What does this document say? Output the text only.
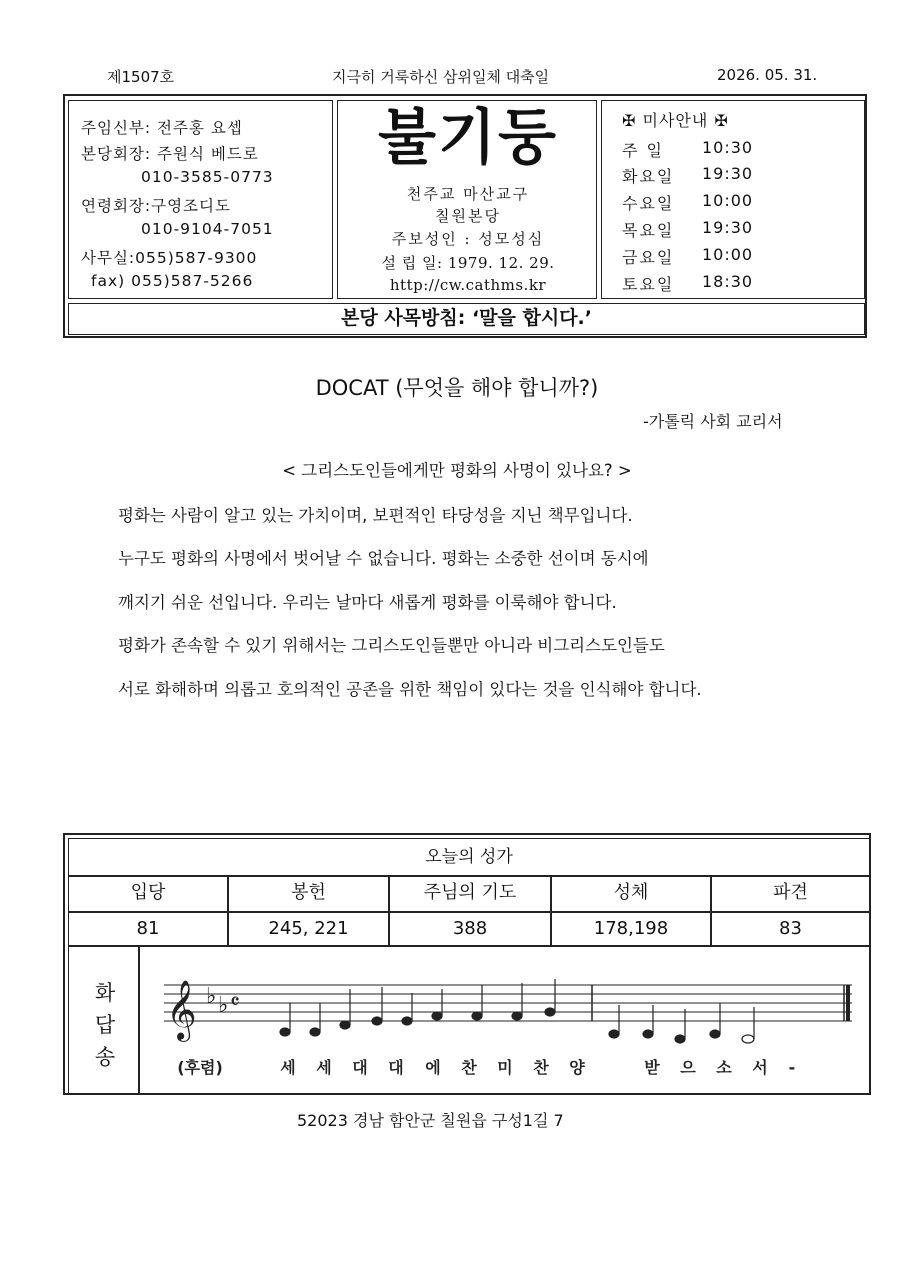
제1507호	지극히 거룩하신 삼위일체 대축일	2026. 05. 31.
주임신부: 전주홍 요셉
본당회장: 주원식 베드로
010-3585-0773
연령회장:구영조디도
010-9104-7051
사무실:055)587-9300
fax) 055)587-5266
불기둥
천주교 마산교구
칠원본당
주보성인 : 성모성심
설 립 일: 1979. 12. 29.
http://cw.cathms.kr
✠ 미사안내 ✠
주 일 10:30
화요일 19:30
수요일 10:00
목요일 19:30
금요일 10:00
토요일 18:30
본당 사목방침: ‘말을 합시다.’
DOCAT (무엇을 해야 합니까?)
-가톨릭 사회 교리서
< 그리스도인들에게만 평화의 사명이 있나요? >
평화는 사람이 알고 있는 가치이며, 보편적인 타당성을 지닌 책무입니다.
누구도 평화의 사명에서 벗어날 수 없습니다. 평화는 소중한 선이며 동시에
깨지기 쉬운 선입니다. 우리는 날마다 새롭게 평화를 이룩해야 합니다.
평화가 존속할 수 있기 위해서는 그리스도인들뿐만 아니라 비그리스도인들도
서로 화해하며 의롭고 호의적인 공존을 위한 책임이 있다는 것을 인식해야 합니다.
오늘의 성가
입당	봉헌	주님의 기도	성체	파견
81	245, 221	388	178,198	83
화
답
송
𝄞 ♭ ♭ 𝄴
(후렴)	세 세 대 대 에 찬 미 찬 양	받 으 소 서 -
52023 경남 함안군 칠원읍 구성1길 7
